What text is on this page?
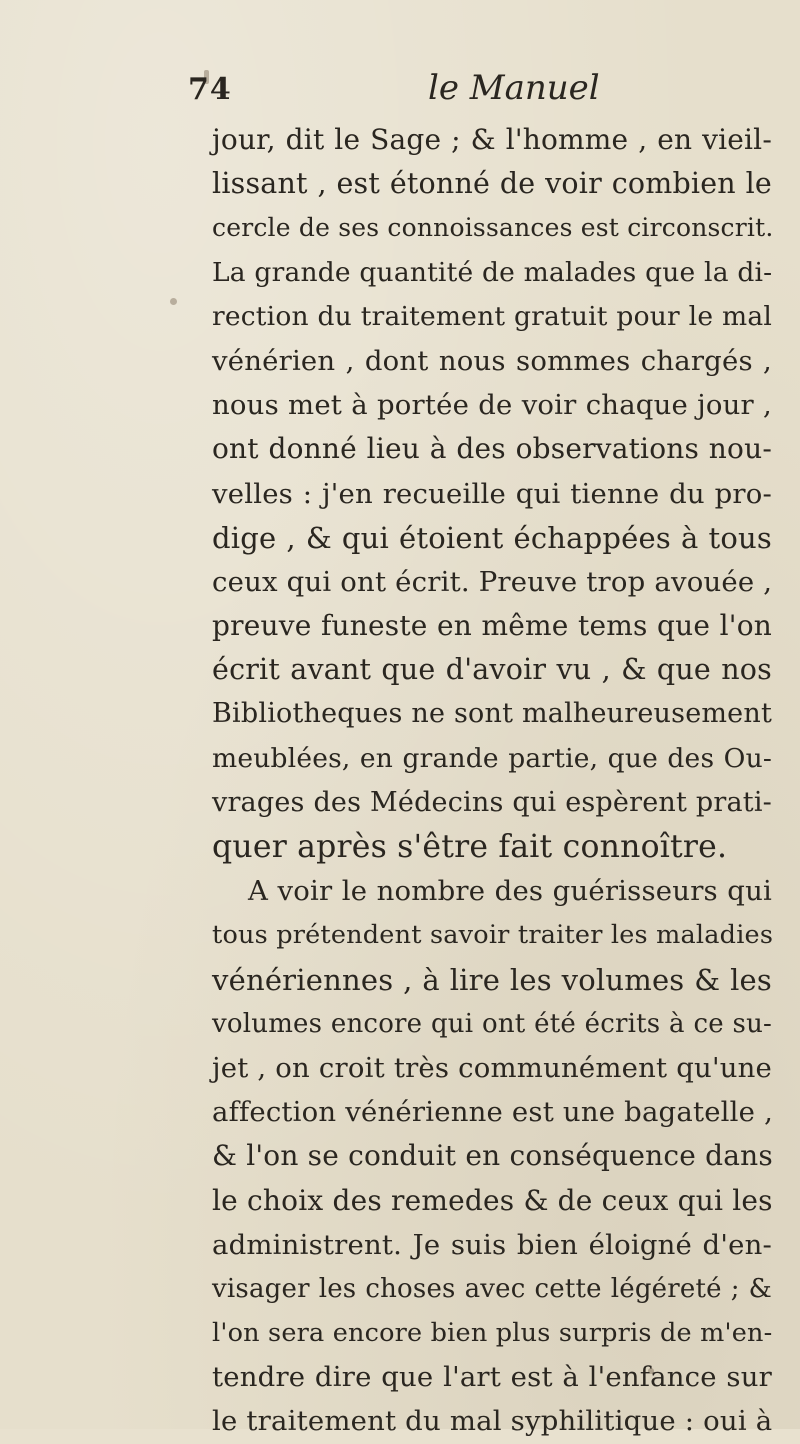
74	le Manuel
jour, dit le Sage ; & l'homme , en vieil-
lissant , est étonné de voir combien le
cercle de ses connoissances est circonscrit.
La grande quantité de malades que la di-
rection du traitement gratuit pour le mal
vénérien , dont nous sommes chargés ,
nous met à portée de voir chaque jour ,
ont donné lieu à des observations nou-
velles : j'en recueille qui tienne du pro-
dige , & qui étoient échappées à tous
ceux qui ont écrit. Preuve trop avouée ,
preuve funeste en même tems que l'on
écrit avant que d'avoir vu , & que nos
Bibliotheques ne sont malheureusement
meublées, en grande partie, que des Ou-
vrages des Médecins qui espèrent prati-
quer après s'être fait connoître.
A voir le nombre des guérisseurs qui
tous prétendent savoir traiter les maladies
vénériennes , à lire les volumes & les
volumes encore qui ont été écrits à ce su-
jet , on croit très communément qu'une
affection vénérienne est une bagatelle ,
& l'on se conduit en conséquence dans
le choix des remedes & de ceux qui les
administrent. Je suis bien éloigné d'en-
visager les choses avec cette légéreté ; &
l'on sera encore bien plus surpris de m'en-
tendre dire que l'art est à l'enfance sur
le traitement du mal syphilitique : oui à
